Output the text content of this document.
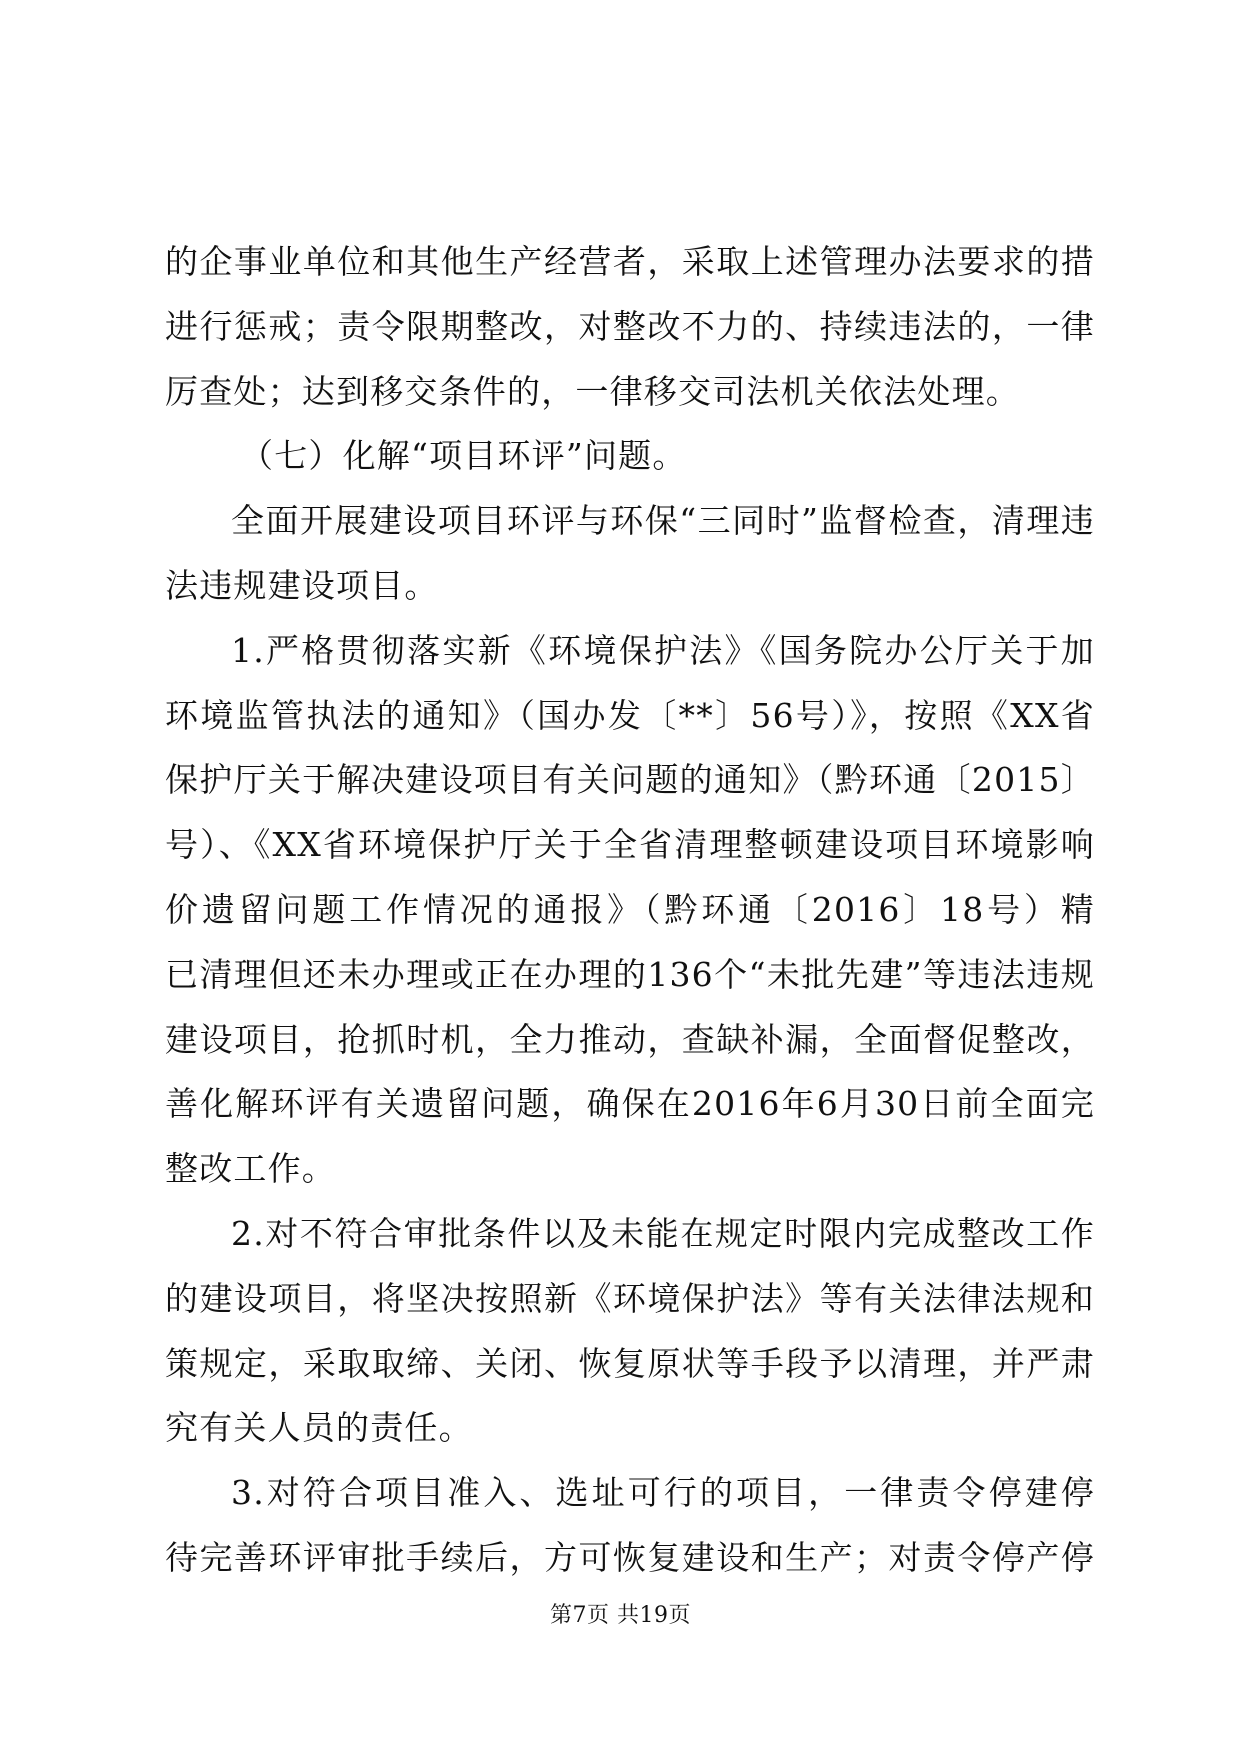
的企事业单位和其他生产经营者，采取上述管理办法要求的措
进行惩戒；责令限期整改，对整改不力的、持续违法的，一律
厉查处；达到移交条件的，一律移交司法机关依法处理。
（七）化解“项目环评”问题。
全面开展建设项目环评与环保“三同时”监督检查，清理违
法违规建设项目。
1.严格贯彻落实新《环境保护法》《国务院办公厅关于加
环境监管执法的通知》（国办发〔**〕56号）》，按照《XX省
保护厅关于解决建设项目有关问题的通知》（黔环通〔2015〕
号）、《XX省环境保护厅关于全省清理整顿建设项目环境影响
价遗留问题工作情况的通报》（黔环通〔2016〕18号）精
已清理但还未办理或正在办理的136个“未批先建”等违法违规
建设项目，抢抓时机，全力推动，查缺补漏，全面督促整改，
善化解环评有关遗留问题，确保在2016年6月30日前全面完
整改工作。
2.对不符合审批条件以及未能在规定时限内完成整改工作
的建设项目，将坚决按照新《环境保护法》等有关法律法规和
策规定，采取取缔、关闭、恢复原状等手段予以清理，并严肃
究有关人员的责任。
3.对符合项目准入、选址可行的项目，一律责令停建停
待完善环评审批手续后，方可恢复建设和生产；对责令停产停
第7页 共19页
